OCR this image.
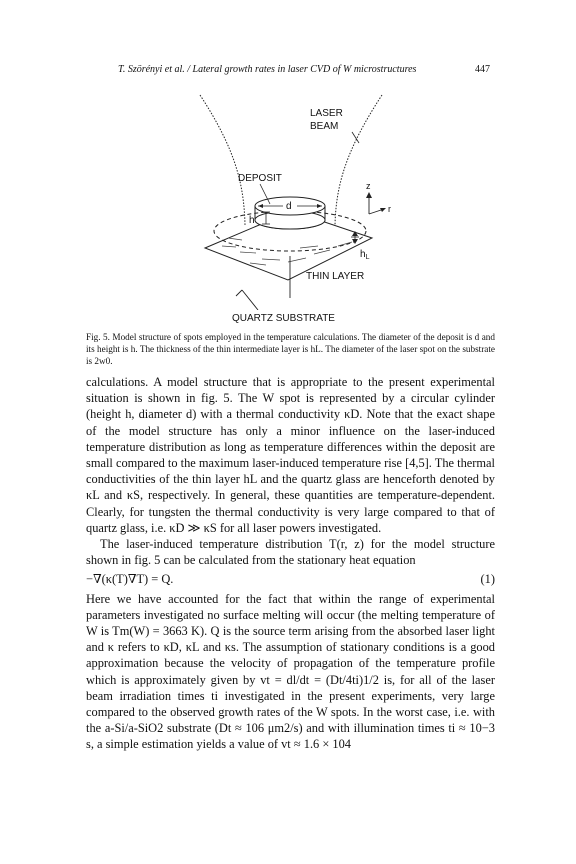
T. Szörényi et al. / Lateral growth rates in laser CVD of W microstructures	447
d
h
z
r
$h_L$
LASER
BEAM
DEPOSIT
THIN LAYER
QUARTZ SUBSTRATE
Fig. 5. Model structure of spots employed in the temperature calculations. The diameter of the deposit is d and its height is h. The thickness of the thin intermediate layer is hL. The diameter of the laser spot on the substrate is 2w0.

calculations. A model structure that is appropriate to the present experimental situation is shown in fig. 5. The W spot is represented by a circular cylinder (height h, diameter d) with a thermal conductivity κD. Note that the exact shape of the model structure has only a minor influence on the laser-induced temperature distribution as long as temperature differences within the deposit are small compared to the maximum laser-induced temperature rise [4,5]. The thermal conductivities of the thin layer hL and the quartz glass are henceforth denoted by κL and κS, respectively. In general, these quantities are temperature-dependent. Clearly, for tungsten the thermal conductivity is very large compared to that of quartz glass, i.e. κD ≫ κS for all laser powers investigated.

The laser-induced temperature distribution T(r, z) for the model structure shown in fig. 5 can be calculated from the stationary heat equation

−∇(κ(T)∇T) = Q.	(1)

Here we have accounted for the fact that within the range of experimental parameters investigated no surface melting will occur (the melting temperature of W is Tm(W) = 3663 K). Q is the source term arising from the absorbed laser light and κ refers to κD, κL and κs. The assumption of stationary conditions is a good approximation because the velocity of propagation of the temperature profile which is approximately given by vt = dl/dt = (Dt/4ti)1/2 is, for all of the laser beam irradiation times ti investigated in the present experiments, very large compared to the observed growth rates of the W spots. In the worst case, i.e. with the a-Si/a-SiO2 substrate (Dt ≈ 106 μm2/s) and with illumination times ti ≈ 10−3 s, a simple estimation yields a value of vt ≈ 1.6 × 104
